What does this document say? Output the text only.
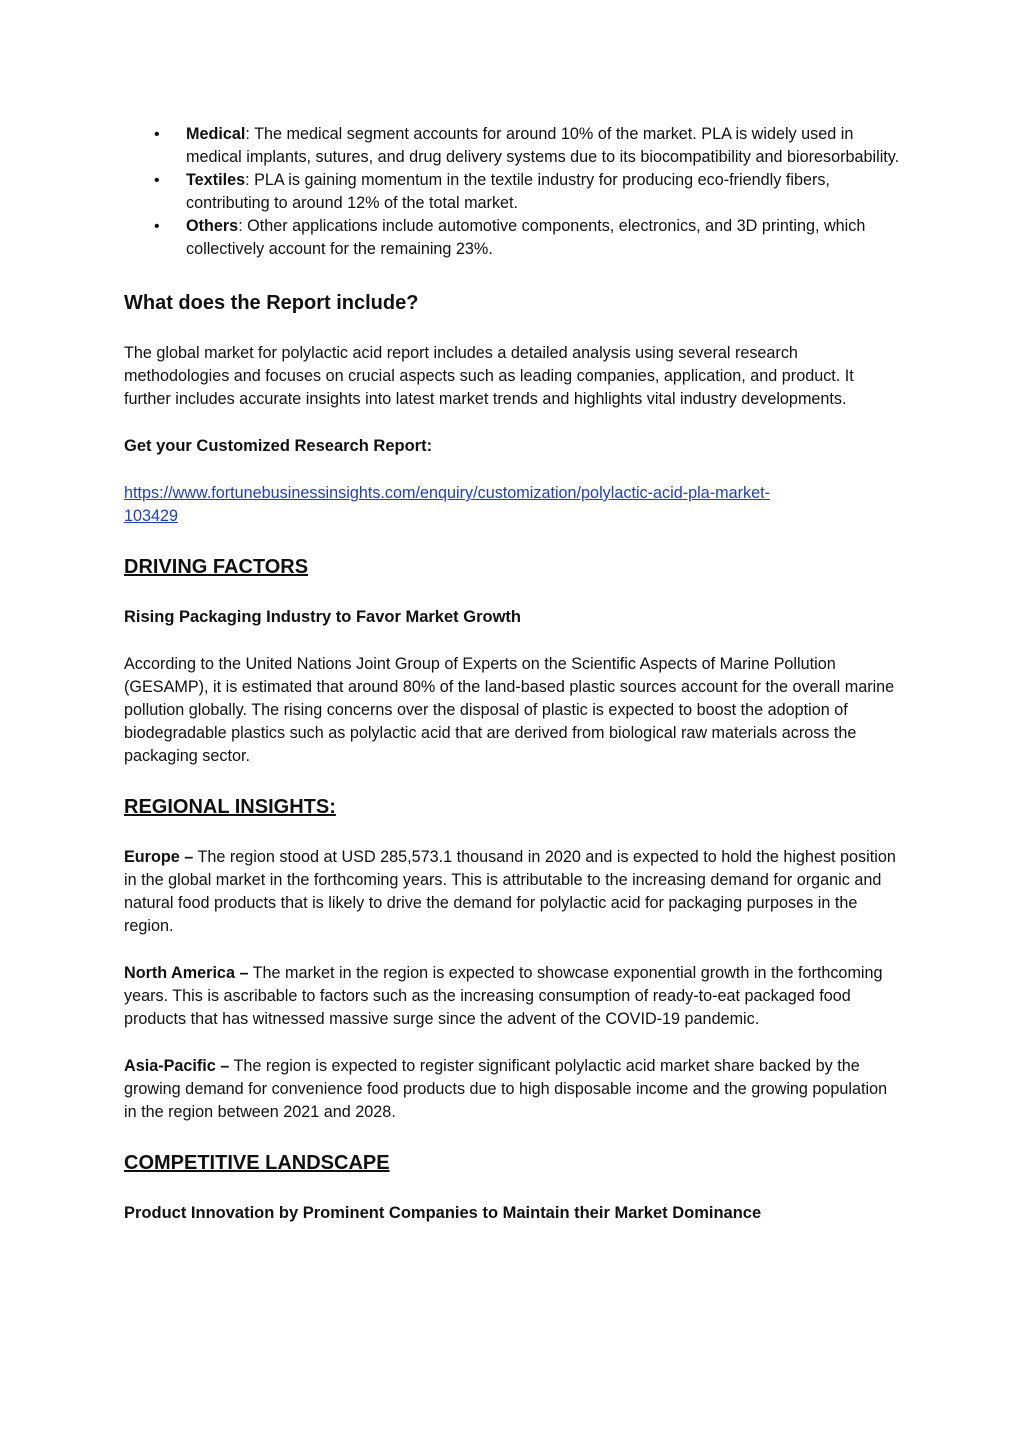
• Medical: The medical segment accounts for around 10% of the market. PLA is widely used in medical implants, sutures, and drug delivery systems due to its biocompatibility and bioresorbability.
• Textiles: PLA is gaining momentum in the textile industry for producing eco-friendly fibers, contributing to around 12% of the total market.
• Others: Other applications include automotive components, electronics, and 3D printing, which collectively account for the remaining 23%.
What does the Report include?

The global market for polylactic acid report includes a detailed analysis using several research methodologies and focuses on crucial aspects such as leading companies, application, and product. It further includes accurate insights into latest market trends and highlights vital industry developments.

Get your Customized Research Report:

https://www.fortunebusinessinsights.com/enquiry/customization/polylactic-acid-pla-market-
103429

DRIVING FACTORS

Rising Packaging Industry to Favor Market Growth

According to the United Nations Joint Group of Experts on the Scientific Aspects of Marine Pollution (GESAMP), it is estimated that around 80% of the land-based plastic sources account for the overall marine pollution globally. The rising concerns over the disposal of plastic is expected to boost the adoption of biodegradable plastics such as polylactic acid that are derived from biological raw materials across the packaging sector.

REGIONAL INSIGHTS:

Europe – The region stood at USD 285,573.1 thousand in 2020 and is expected to hold the highest position in the global market in the forthcoming years. This is attributable to the increasing demand for organic and natural food products that is likely to drive the demand for polylactic acid for packaging purposes in the region.

North America – The market in the region is expected to showcase exponential growth in the forthcoming years. This is ascribable to factors such as the increasing consumption of ready-to-eat packaged food products that has witnessed massive surge since the advent of the COVID-19 pandemic.

Asia-Pacific – The region is expected to register significant polylactic acid market share backed by the growing demand for convenience food products due to high disposable income and the growing population in the region between 2021 and 2028.

COMPETITIVE LANDSCAPE

Product Innovation by Prominent Companies to Maintain their Market Dominance
